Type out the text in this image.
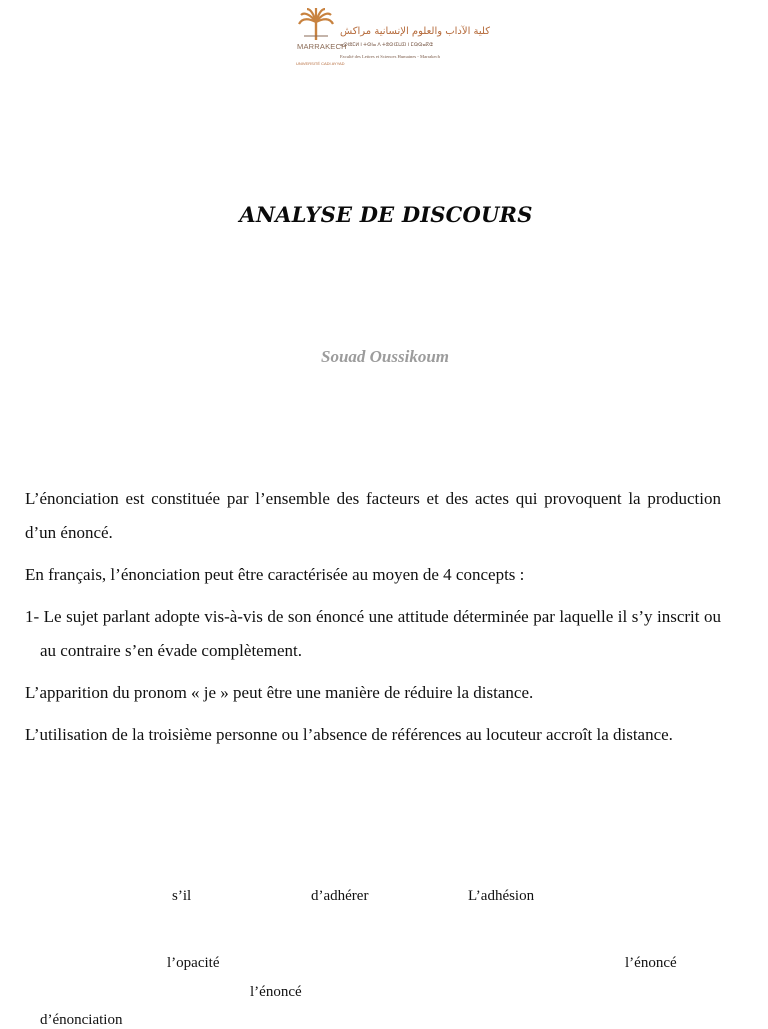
MARRAKECH
كلية الآداب والعلوم الإنسانية مراكش
ⴰⵙⵏⵓⵎⵍ ⵏ ⵜⵙⵏⴰ ⴷ ⵜⵓⵙⵏⵉⵡⵉⵏ ⵏ ⵎⵕⵕⴰⴽⵛ
Faculté des Lettres et Sciences Humaines - Marrakech
UNIVERSITÉ CADI AYYAD
ANALYSE DE DISCOURS
Souad Oussikoum

L’énonciation est constituée par l’ensemble des facteurs et des actes qui provoquent la production d’un énoncé.

En français, l’énonciation peut être caractérisée au moyen de 4 concepts :

1- Le sujet parlant adopte vis-à-vis de son énoncé une attitude déterminée par laquelle il s’y inscrit ou au contraire s’en évade complètement.

L’apparition du pronom « je » peut être une manière de réduire la distance.

L’utilisation de la troisième personne ou l’absence de références au locuteur accroît la distance.

s’il	d’adhérer	L’adhésion
l’opacité	l’énoncé
l’énoncé
d’énonciation
